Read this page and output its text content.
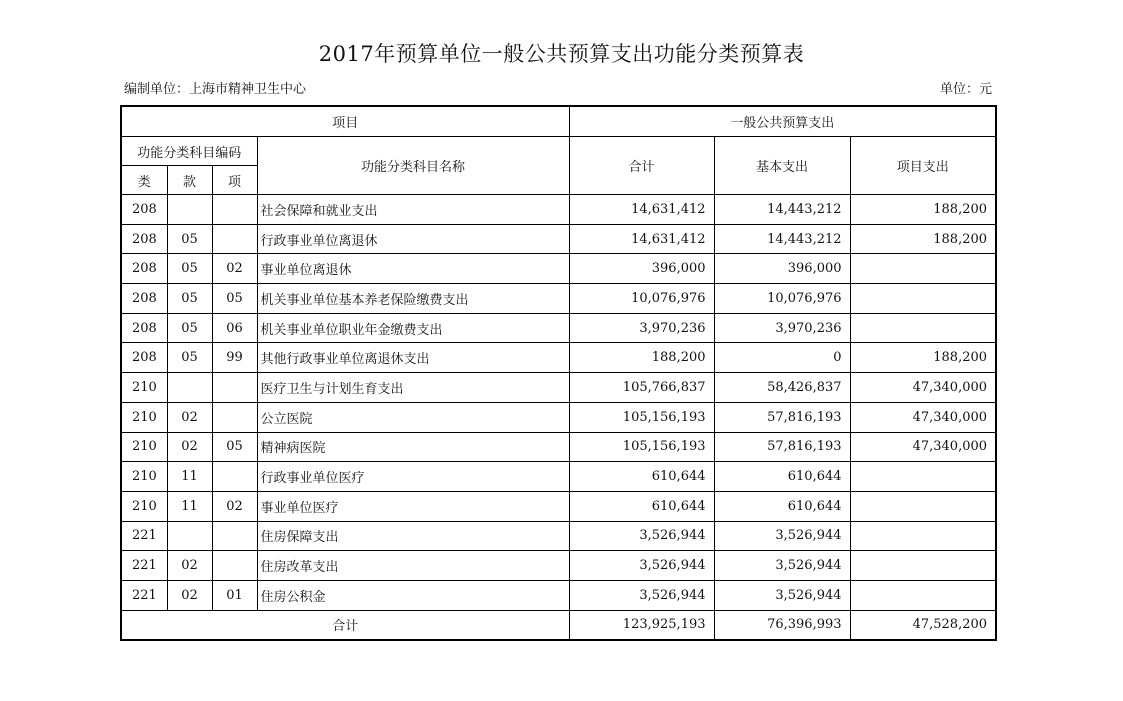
2017年预算单位一般公共预算支出功能分类预算表
编制单位：上海市精神卫生中心	单位：元
项目				一般公共预算支出		
功能分类科目编码			功能分类科目名称	合计	基本支出	项目支出
类	款	项				
208			社会保障和就业支出	14,631,412	14,443,212	188,200
208	05		行政事业单位离退休	14,631,412	14,443,212	188,200
208	05	02	事业单位离退休	396,000	396,000	
208	05	05	机关事业单位基本养老保险缴费支出	10,076,976	10,076,976	
208	05	06	机关事业单位职业年金缴费支出	3,970,236	3,970,236	
208	05	99	其他行政事业单位离退休支出	188,200	0	188,200
210			医疗卫生与计划生育支出	105,766,837	58,426,837	47,340,000
210	02		公立医院	105,156,193	57,816,193	47,340,000
210	02	05	精神病医院	105,156,193	57,816,193	47,340,000
210	11		行政事业单位医疗	610,644	610,644	
210	11	02	事业单位医疗	610,644	610,644	
221			住房保障支出	3,526,944	3,526,944	
221	02		住房改革支出	3,526,944	3,526,944	
221	02	01	住房公积金	3,526,944	3,526,944	
合计				123,925,193	76,396,993	47,528,200
